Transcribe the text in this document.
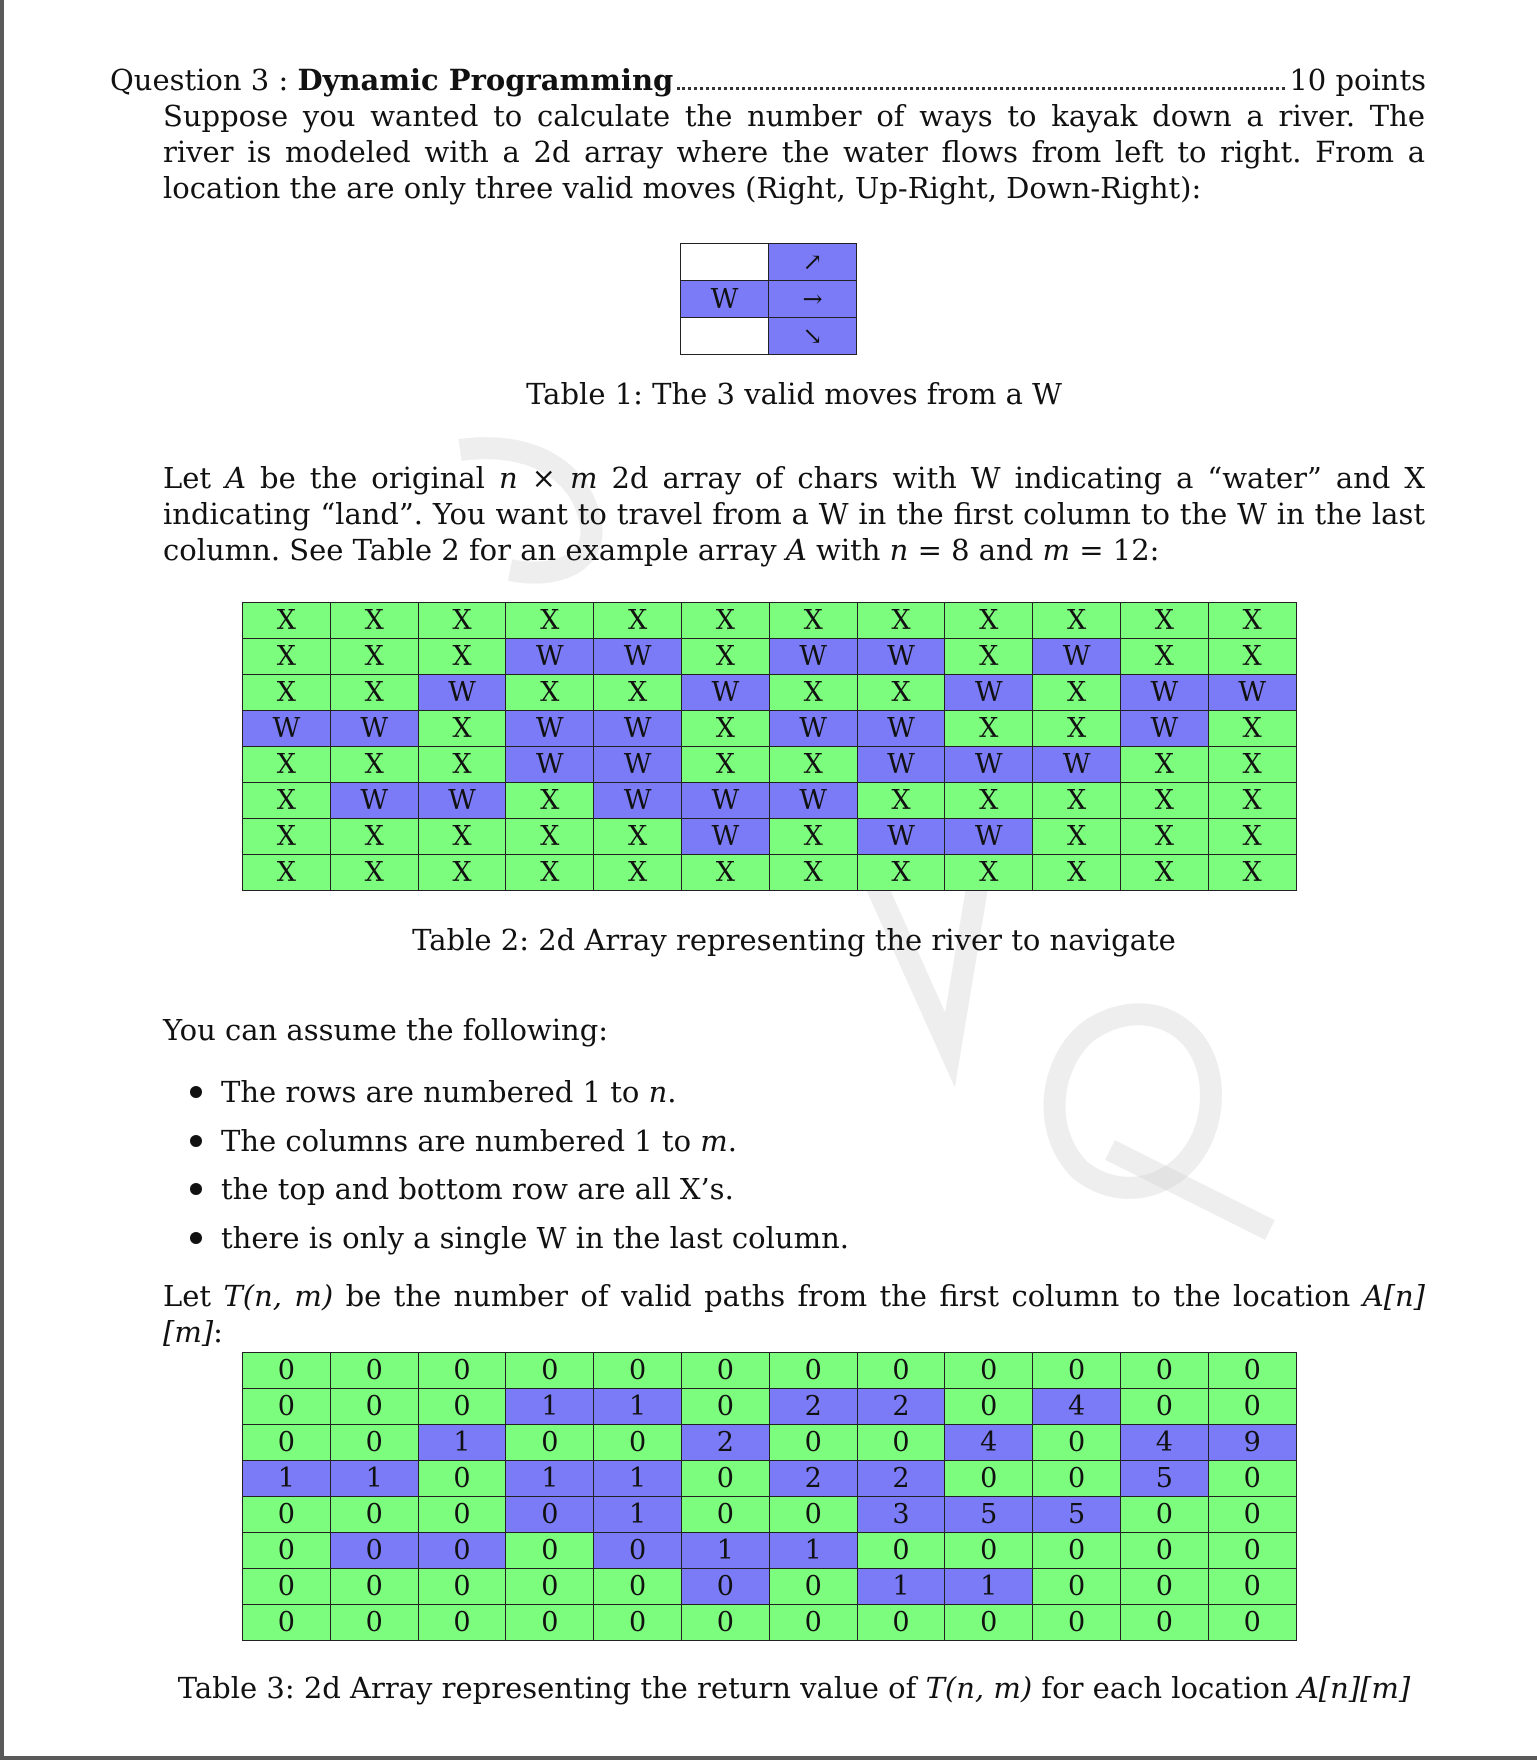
Question 3 : Dynamic Programming	10 points
Suppose you wanted to calculate the number of ways to kayak down a river. The river is modeled with a 2d array where the water flows from left to right. From a location the are only three valid moves (Right, Up-Right, Down-Right):
	↗
W	→
	↘
Table 1: The 3 valid moves from a W
Let A be the original n × m 2d array of chars with W indicating a “water” and X indicating “land”. You want to travel from a W in the first column to the W in the last column. See Table 2 for an example array A with n = 8 and m = 12:
X	X	X	X	X	X	X	X	X	X	X	X
X	X	X	W	W	X	W	W	X	W	X	X
X	X	W	X	X	W	X	X	W	X	W	W
W	W	X	W	W	X	W	W	X	X	W	X
X	X	X	W	W	X	X	W	W	W	X	X
X	W	W	X	W	W	W	X	X	X	X	X
X	X	X	X	X	W	X	W	W	X	X	X
X	X	X	X	X	X	X	X	X	X	X	X
Table 2: 2d Array representing the river to navigate
You can assume the following:
The rows are numbered 1 to n .
The columns are numbered 1 to m .
the top and bottom row are all X’s.
there is only a single W in the last column.
Let T(n, m) be the number of valid paths from the first column to the location A[n][m]:
0	0	0	0	0	0	0	0	0	0	0	0
0	0	0	1	1	0	2	2	0	4	0	0
0	0	1	0	0	2	0	0	4	0	4	9
1	1	0	1	1	0	2	2	0	0	5	0
0	0	0	0	1	0	0	3	5	5	0	0
0	0	0	0	0	1	1	0	0	0	0	0
0	0	0	0	0	0	0	1	1	0	0	0
0	0	0	0	0	0	0	0	0	0	0	0
Table 3: 2d Array representing the return value of T(n, m) for each location A[n][m]
